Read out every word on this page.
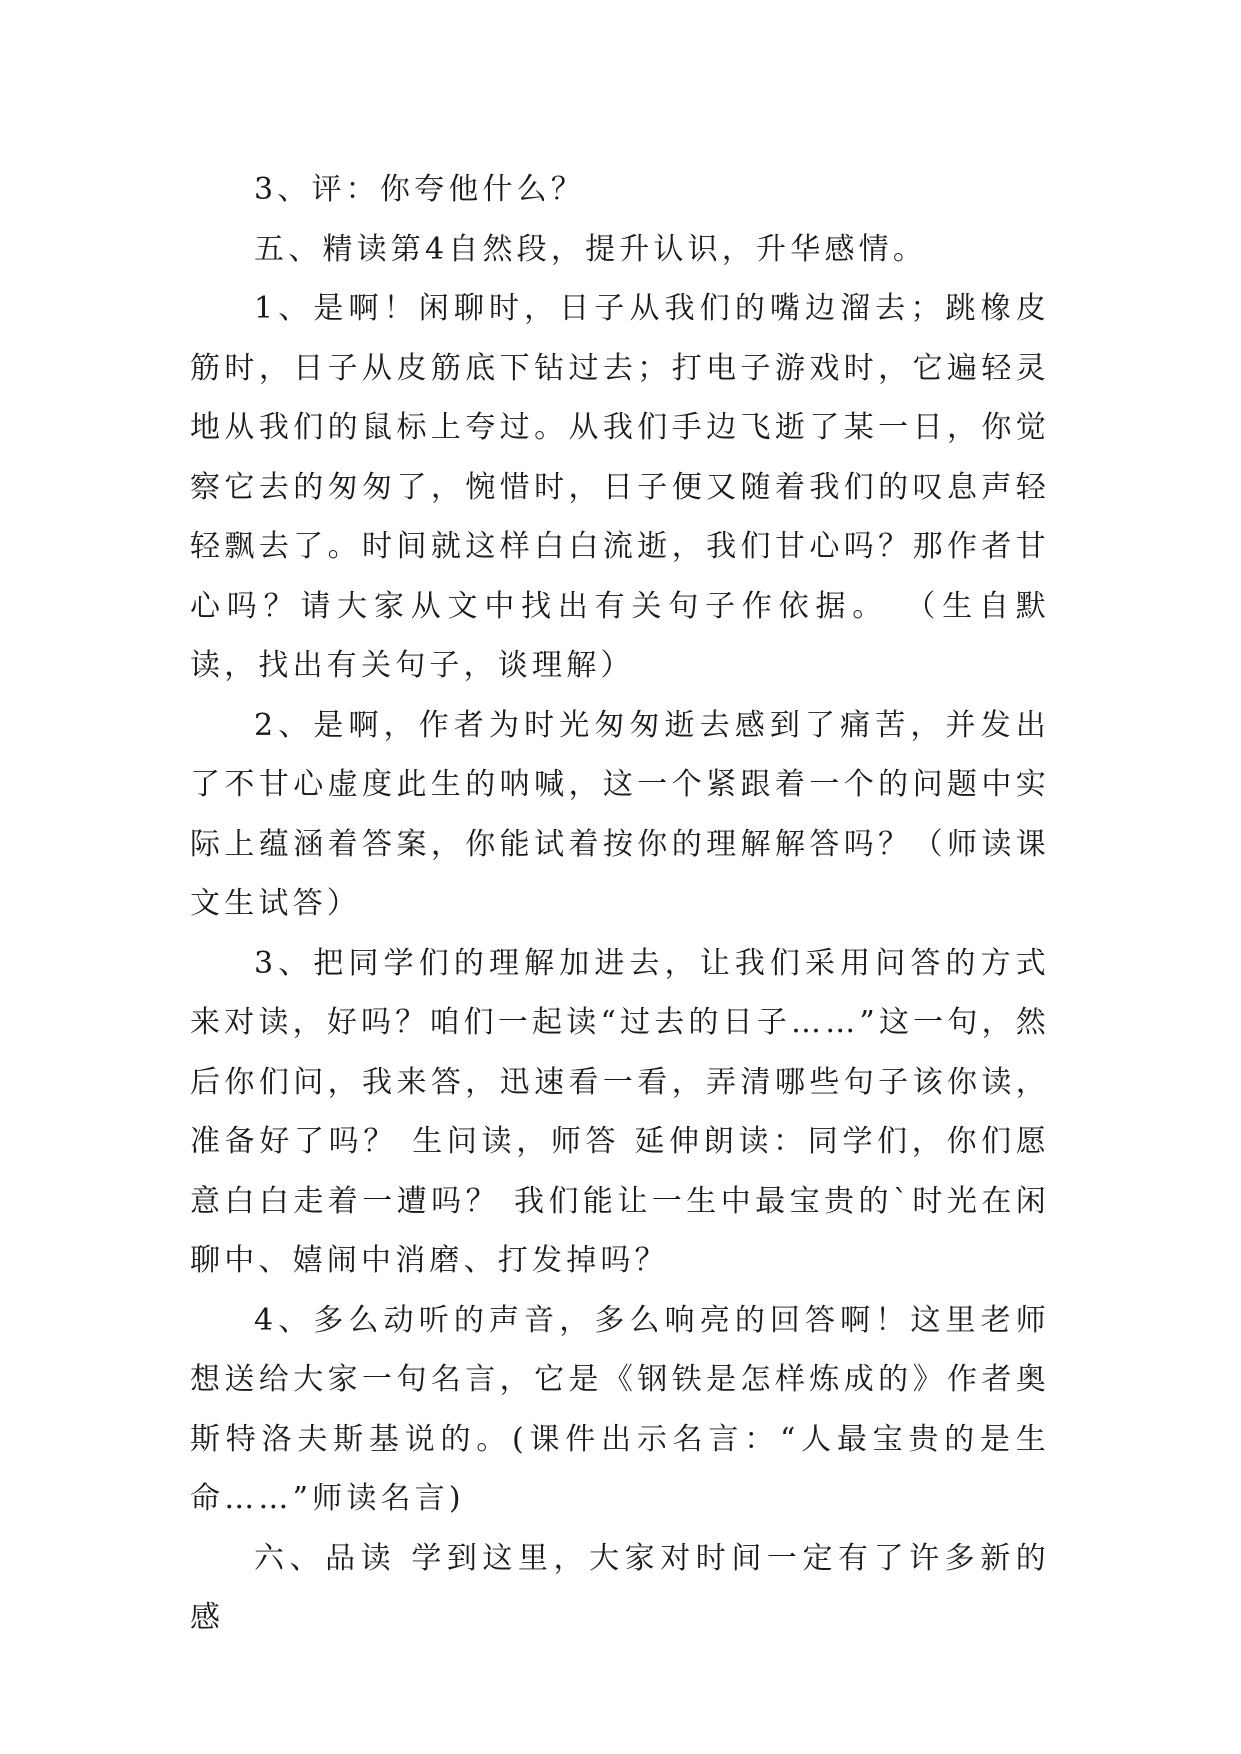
3、评：你夸他什么？

五、精读第4自然段，提升认识，升华感情。

1、是啊！闲聊时，日子从我们的嘴边溜去；跳橡皮筋时，日子从皮筋底下钻过去；打电子游戏时，它遍轻灵地从我们的鼠标上夸过。从我们手边飞逝了某一日，你觉察它去的匆匆了，惋惜时，日子便又随着我们的叹息声轻轻飘去了。时间就这样白白流逝，我们甘心吗？那作者甘心吗？请大家从文中找出有关句子作依据。 （生自默读，找出有关句子，谈理解）

2、是啊，作者为时光匆匆逝去感到了痛苦，并发出了不甘心虚度此生的呐喊，这一个紧跟着一个的问题中实际上蕴涵着答案，你能试着按你的理解解答吗？（师读课文生试答）

3、把同学们的理解加进去，让我们采用问答的方式来对读，好吗？咱们一起读“过去的日子……”这一句，然后你们问，我来答，迅速看一看，弄清哪些句子该你读，准备好了吗？ 生问读，师答 延伸朗读：同学们，你们愿意白白走着一遭吗？ 我们能让一生中最宝贵的`时光在闲聊中、嬉闹中消磨、打发掉吗？

4、多么动听的声音，多么响亮的回答啊！这里老师想送给大家一句名言，它是《钢铁是怎样炼成的》作者奥斯特洛夫斯基说的。(课件出示名言：“人最宝贵的是生命……”师读名言)

六、品读 学到这里，大家对时间一定有了许多新的感
